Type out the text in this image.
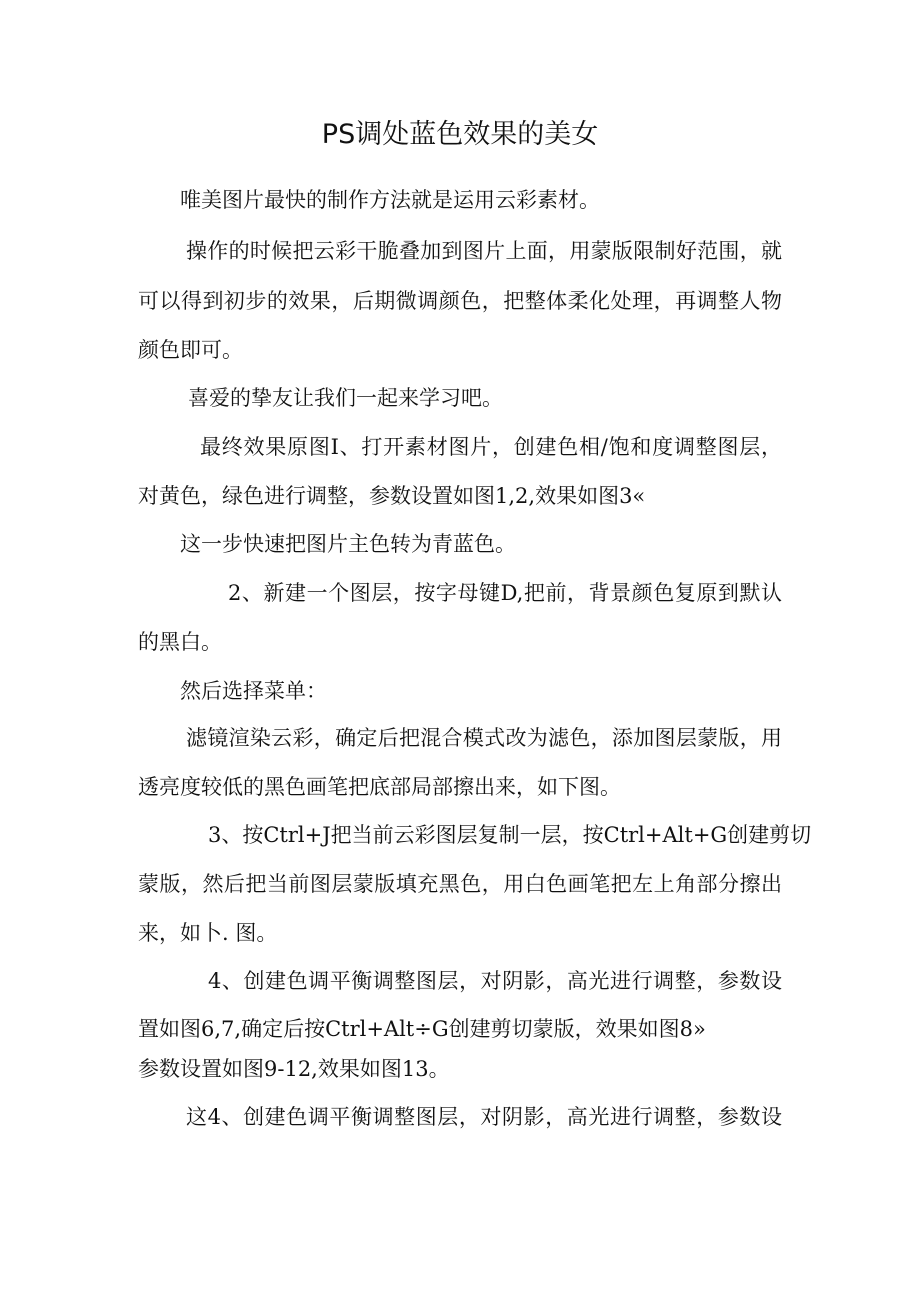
PS调处蓝色效果的美女
唯美图片最快的制作方法就是运用云彩素材。
操作的时候把云彩干脆叠加到图片上面，用蒙版限制好范围，就
可以得到初步的效果，后期微调颜色，把整体柔化处理，再调整人物
颜色即可。
喜爱的挚友让我们一起来学习吧。
最终效果原图I、打开素材图片，创建色相/饱和度调整图层，
对黄色，绿色进行调整，参数设置如图1,2,效果如图3«
这一步快速把图片主色转为青蓝色。
2、新建一个图层，按字母键D,把前，背景颜色复原到默认
的黑白。
然后选择菜单：
滤镜渲染云彩，确定后把混合模式改为滤色，添加图层蒙版，用
透亮度较低的黑色画笔把底部局部擦出来，如下图。
3、按Ctrl+J把当前云彩图层复制一层，按Ctrl+Alt+G创建剪切
蒙版，然后把当前图层蒙版填充黑色，用白色画笔把左上角部分擦出
来，如卜. 图。
4、创建色调平衡调整图层，对阴影，高光进行调整，参数设
置如图6,7,确定后按Ctrl+Alt÷G创建剪切蒙版，效果如图8»
参数设置如图9-12,效果如图13。
这4、创建色调平衡调整图层，对阴影，高光进行调整，参数设
